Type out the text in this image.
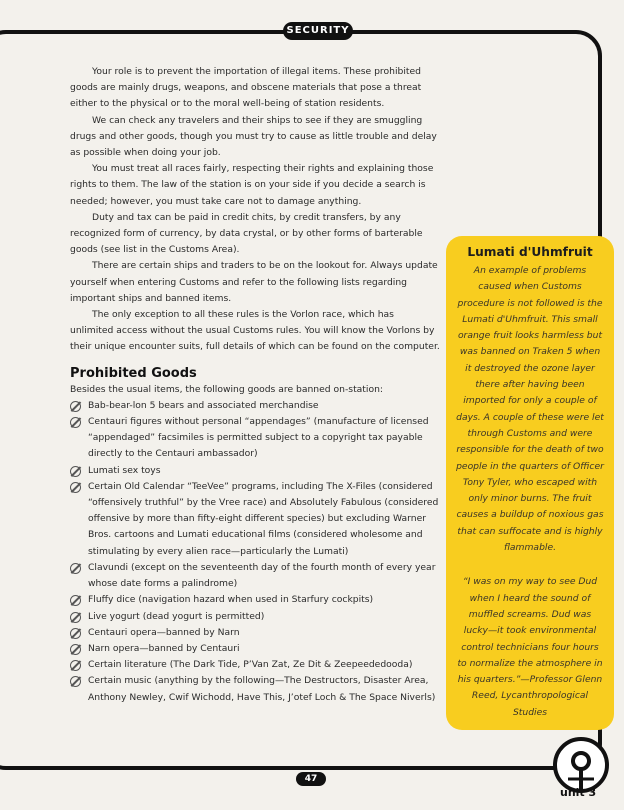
SECURITY

Your role is to prevent the importation of illegal items. These prohibited goods are mainly drugs, weapons, and obscene materials that pose a threat either to the physical or to the moral well-being of station residents.

We can check any travelers and their ships to see if they are smuggling drugs and other goods, though you must try to cause as little trouble and delay as possible when doing your job.

You must treat all races fairly, respecting their rights and explaining those rights to them. The law of the station is on your side if you decide a search is needed; however, you must take care not to damage anything.

Duty and tax can be paid in credit chits, by credit transfers, by any recognized form of currency, by data crystal, or by other forms of barterable goods (see list in the Customs Area).

There are certain ships and traders to be on the lookout for. Always update yourself when entering Customs and refer to the following lists regarding important ships and banned items.

The only exception to all these rules is the Vorlon race, which has unlimited access without the usual Customs rules. You will know the Vorlons by their unique encounter suits, full details of which can be found on the computer.

Prohibited Goods

Besides the usual items, the following goods are banned on-station:

Bab-bear-lon 5 bears and associated merchandise
Centauri figures without personal “appendages” (manufacture of licensed “appendaged” facsimiles is permitted subject to a copyright tax payable directly to the Centauri ambassador)
Lumati sex toys
Certain Old Calendar “TeeVee” programs, including The X-Files (considered “offensively truthful” by the Vree race) and Absolutely Fabulous (considered offensive by more than fifty-eight different species) but excluding Warner Bros. cartoons and Lumati educational films (considered wholesome and stimulating by every alien race—particularly the Lumati)
Clavundi (except on the seventeenth day of the fourth month of every year whose date forms a palindrome)
Fluffy dice (navigation hazard when used in Starfury cockpits)
Live yogurt (dead yogurt is permitted)
Centauri opera—banned by Narn
Narn opera—banned by Centauri
Certain literature (The Dark Tide, P’Van Zat, Ze Dit & Zeepeededooda)
Certain music (anything by the following—The Destructors, Disaster Area, Anthony Newley, Cwif Wichodd, Have This, J’otef Loch & The Space Niverls)
Lumati d'Uhmfruit

An example of problems caused when Customs procedure is not followed is the Lumati d'Uhmfruit. This small orange fruit looks harmless but was banned on Traken 5 when it destroyed the ozone layer there after having been imported for only a couple of days. A couple of these were let through Customs and were responsible for the death of two people in the quarters of Officer Tony Tyler, who escaped with only minor burns. The fruit causes a buildup of noxious gas that can suffocate and is highly flammable.

“I was on my way to see Dud when I heard the sound of muffled screams. Dud was lucky—it took environmental control technicians four hours to normalize the atmosphere in his quarters.”—Professor Glenn Reed, Lycanthropological Studies

47
unit 3
